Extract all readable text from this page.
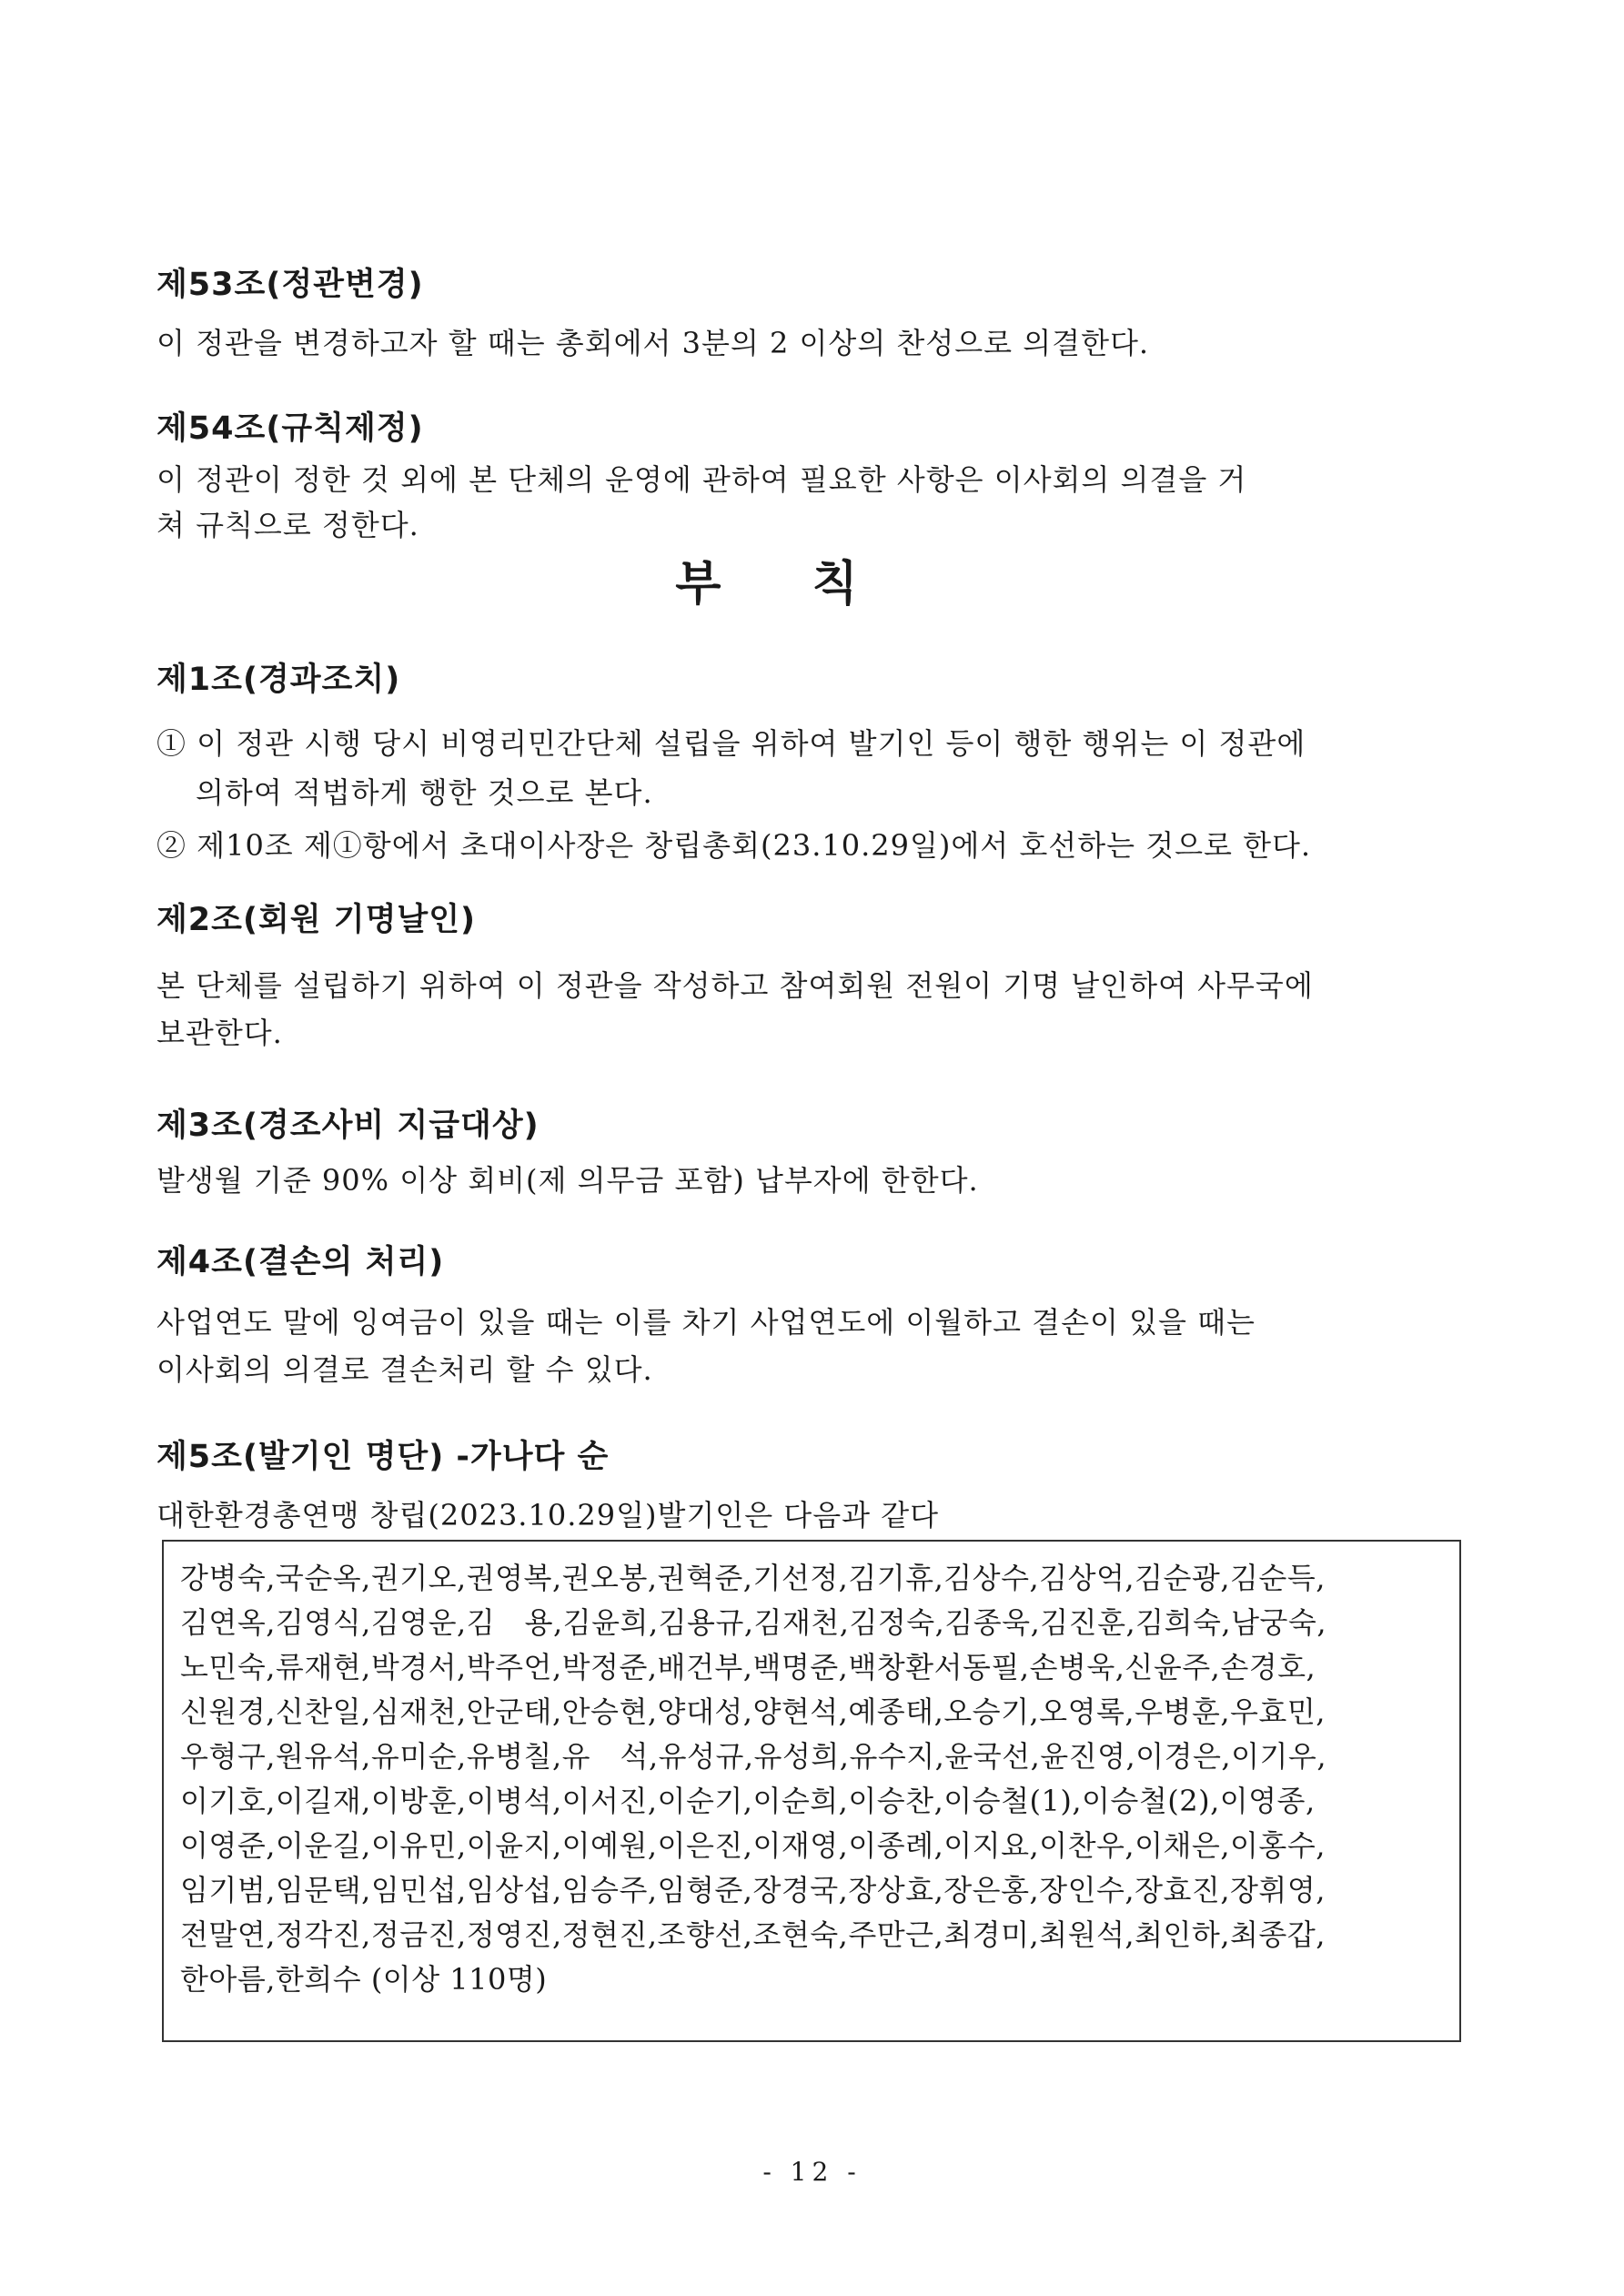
제53조(정관변경)
이 정관을 변경하고자 할 때는 총회에서 3분의 2 이상의 찬성으로 의결한다.
제54조(규칙제정)
이 정관이 정한 것 외에 본 단체의 운영에 관하여 필요한 사항은 이사회의 의결을 거
쳐 규칙으로 정한다.
부칙
제1조(경과조치)
① 이 정관 시행 당시 비영리민간단체 설립을 위하여 발기인 등이 행한 행위는 이 정관에
의하여 적법하게 행한 것으로 본다.
② 제10조 제①항에서 초대이사장은 창립총회(23.10.29일)에서 호선하는 것으로 한다.
제2조(회원 기명날인)
본 단체를 설립하기 위하여 이 정관을 작성하고 참여회원 전원이 기명 날인하여 사무국에
보관한다.
제3조(경조사비 지급대상)
발생월 기준 90% 이상 회비(제 의무금 포함) 납부자에 한한다.
제4조(결손의 처리)
사업연도 말에 잉여금이 있을 때는 이를 차기 사업연도에 이월하고 결손이 있을 때는
이사회의 의결로 결손처리 할 수 있다.
제5조(발기인 명단) -가나다 순
대한환경총연맹 창립(2023.10.29일)발기인은 다음과 같다
강병숙,국순옥,권기오,권영복,권오봉,권혁준,기선정,김기휴,김상수,김상억,김순광,김순득,
김연옥,김영식,김영운,김　용,김윤희,김용규,김재천,김정숙,김종욱,김진훈,김희숙,남궁숙,
노민숙,류재현,박경서,박주언,박정준,배건부,백명준,백창환서동필,손병욱,신윤주,손경호,
신원경,신찬일,심재천,안군태,안승현,양대성,양현석,예종태,오승기,오영록,우병훈,우효민,
우형구,원유석,유미순,유병칠,유　석,유성규,유성희,유수지,윤국선,윤진영,이경은,이기우,
이기호,이길재,이방훈,이병석,이서진,이순기,이순희,이승찬,이승철(1),이승철(2),이영종,
이영준,이운길,이유민,이윤지,이예원,이은진,이재영,이종례,이지요,이찬우,이채은,이홍수,
임기범,임문택,임민섭,임상섭,임승주,임형준,장경국,장상효,장은홍,장인수,장효진,장휘영,
전말연,정각진,정금진,정영진,정현진,조향선,조현숙,주만근,최경미,최원석,최인하,최종갑,
한아름,한희수 (이상 110명)
- 12 -
